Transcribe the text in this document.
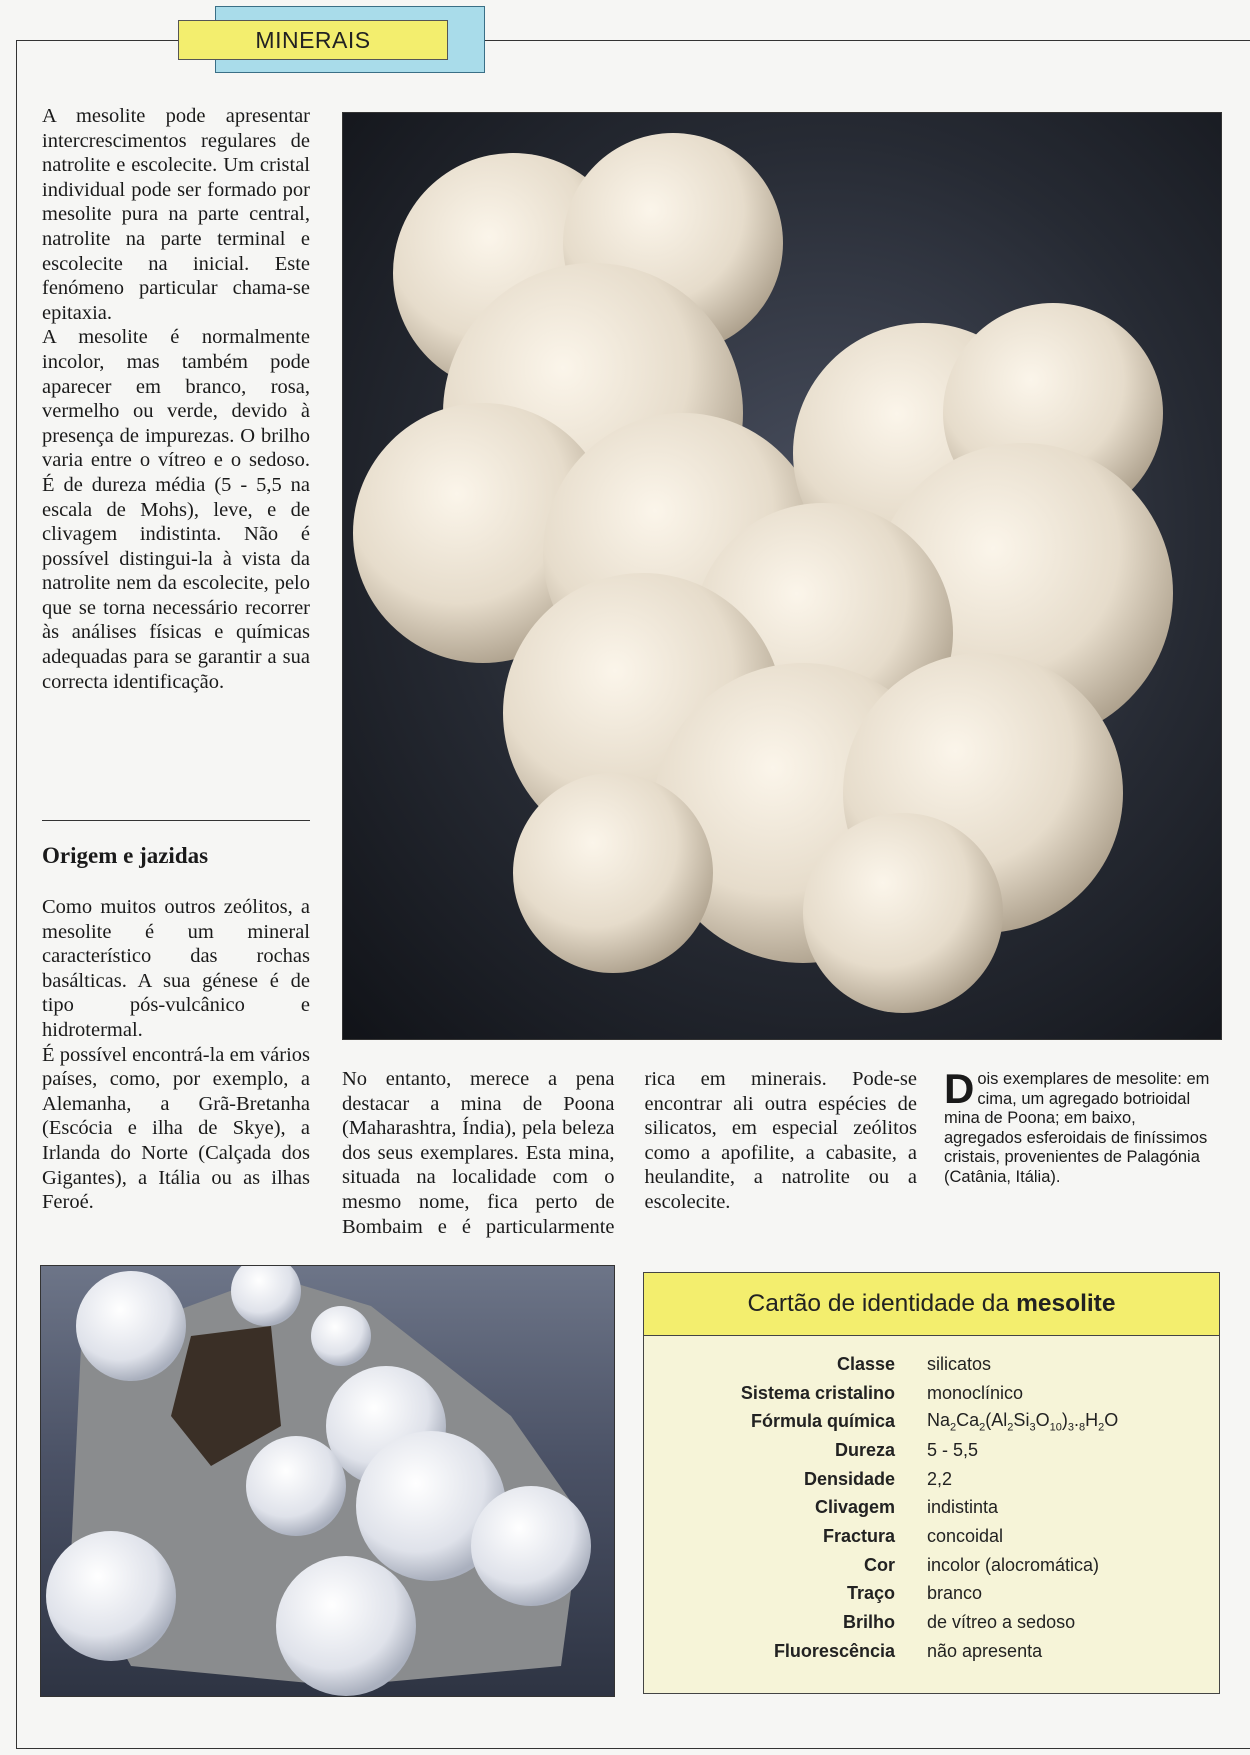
MINERAIS

A mesolite pode apresentar intercrescimentos regulares de natrolite e escolecite. Um cristal individual pode ser formado por mesolite pura na parte central, natrolite na parte terminal e escolecite na inicial. Este fenómeno particular chama-se epitaxia.

A mesolite é normalmente incolor, mas também pode aparecer em branco, rosa, vermelho ou verde, devido à presença de impurezas. O brilho varia entre o vítreo e o sedoso. É de dureza média (5 - 5,5 na escala de Mohs), leve, e de clivagem indistinta. Não é possível distingui-la à vista da natrolite nem da escolecite, pelo que se torna necessário recorrer às análises físicas e químicas adequadas para se garantir a sua correcta identificação.

Origem e jazidas

Como muitos outros zeólitos, a mesolite é um mineral característico das rochas basálticas. A sua génese é de tipo pós-vulcânico e hidrotermal.

É possível encontrá-la em vários países, como, por exemplo, a Alemanha, a Grã-Bretanha (Escócia e ilha de Skye), a Irlanda do Norte (Calçada dos Gigantes), a Itália ou as ilhas Feroé.

No entanto, merece a pena destacar a mina de Poona (Maharashtra, Índia), pela beleza dos seus exemplares. Esta mina, situada na localidade com o mesmo nome, fica perto de Bombaim e é particularmente rica em minerais. Pode-se encontrar ali outra espécies de silicatos, em especial zeólitos como a apofilite, a cabasite, a heulandite, a natrolite ou a escolecite.

Dois exemplares de mesolite: em cima, um agregado botrioidal mina de Poona; em baixo, agregados esferoidais de finíssimos cristais, provenientes de Palagónia (Catânia, Itália).
Cartão de identidade da mesolite
Classe silicatos
Sistema cristalino monoclínico
Fórmula química $Na_2Ca_2(Al_2Si_3O_{10})_3._8H_2O$
Dureza 5 - 5,5
Densidade 2,2
Clivagem indistinta
Fractura concoidal
Cor incolor (alocromática)
Traço branco
Brilho de vítreo a sedoso
Fluorescência não apresenta
